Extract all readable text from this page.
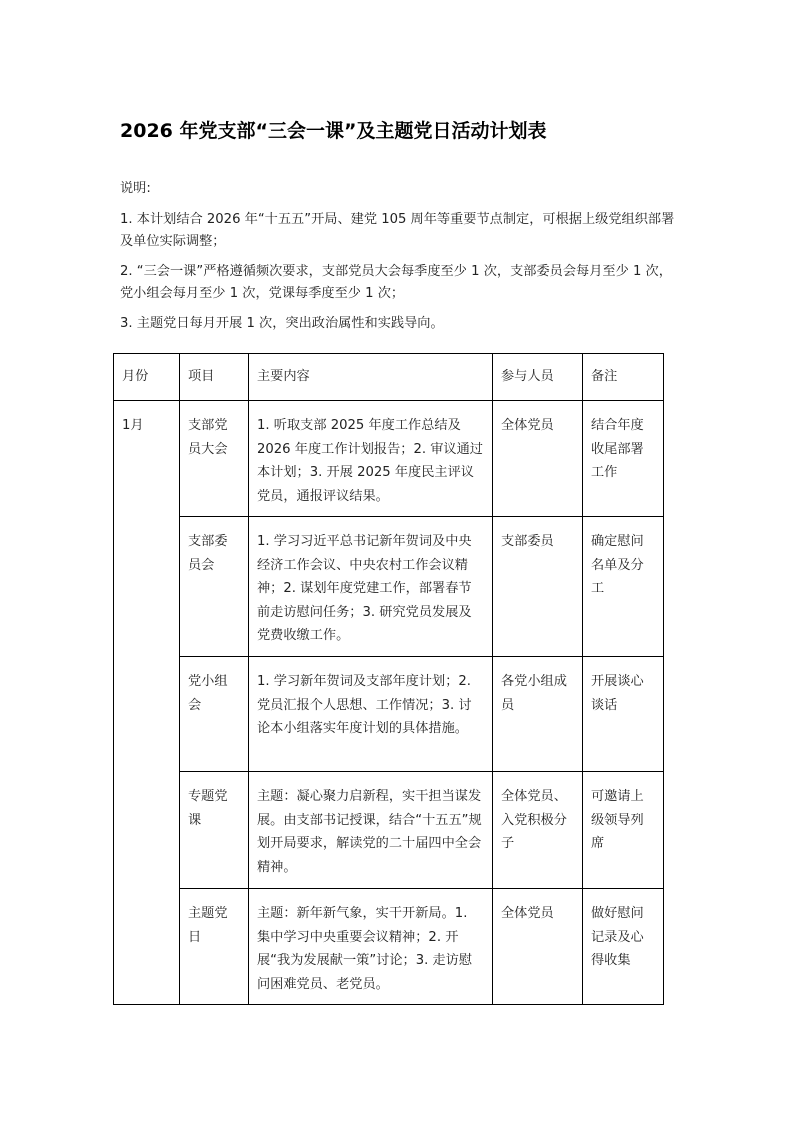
2026 年党支部“三会一课”及主题党日活动计划表

说明:

1. 本计划结合 2026 年“十五五”开局、建党 105 周年等重要节点制定，可根据上级党组织部署及单位实际调整；

2. “三会一课”严格遵循频次要求，支部党员大会每季度至少 1 次，支部委员会每月至少 1 次，党小组会每月至少 1 次，党课每季度至少 1 次；

3. 主题党日每月开展 1 次，突出政治属性和实践导向。

月份	项目	主要内容	参与人员	备注
1月	支部党员大会	1. 听取支部 2025 年度工作总结及 2026 年度工作计划报告；2. 审议通过本计划；3. 开展 2025 年度民主评议党员，通报评议结果。	全体党员	结合年度收尾部署工作
	支部委员会	1. 学习习近平总书记新年贺词及中央经济工作会议、中央农村工作会议精神；2. 谋划年度党建工作，部署春节前走访慰问任务；3. 研究党员发展及党费收缴工作。	支部委员	确定慰问名单及分工
	党小组会	1. 学习新年贺词及支部年度计划；2. 党员汇报个人思想、工作情况；3. 讨论本小组落实年度计划的具体措施。	各党小组成员	开展谈心谈话
	专题党课	主题：凝心聚力启新程，实干担当谋发展。由支部书记授课，结合“十五五”规划开局要求，解读党的二十届四中全会精神。	全体党员、入党积极分子	可邀请上级领导列席
	主题党日	主题：新年新气象，实干开新局。1. 集中学习中央重要会议精神；2. 开展“我为发展献一策”讨论；3. 走访慰问困难党员、老党员。	全体党员	做好慰问记录及心得收集
